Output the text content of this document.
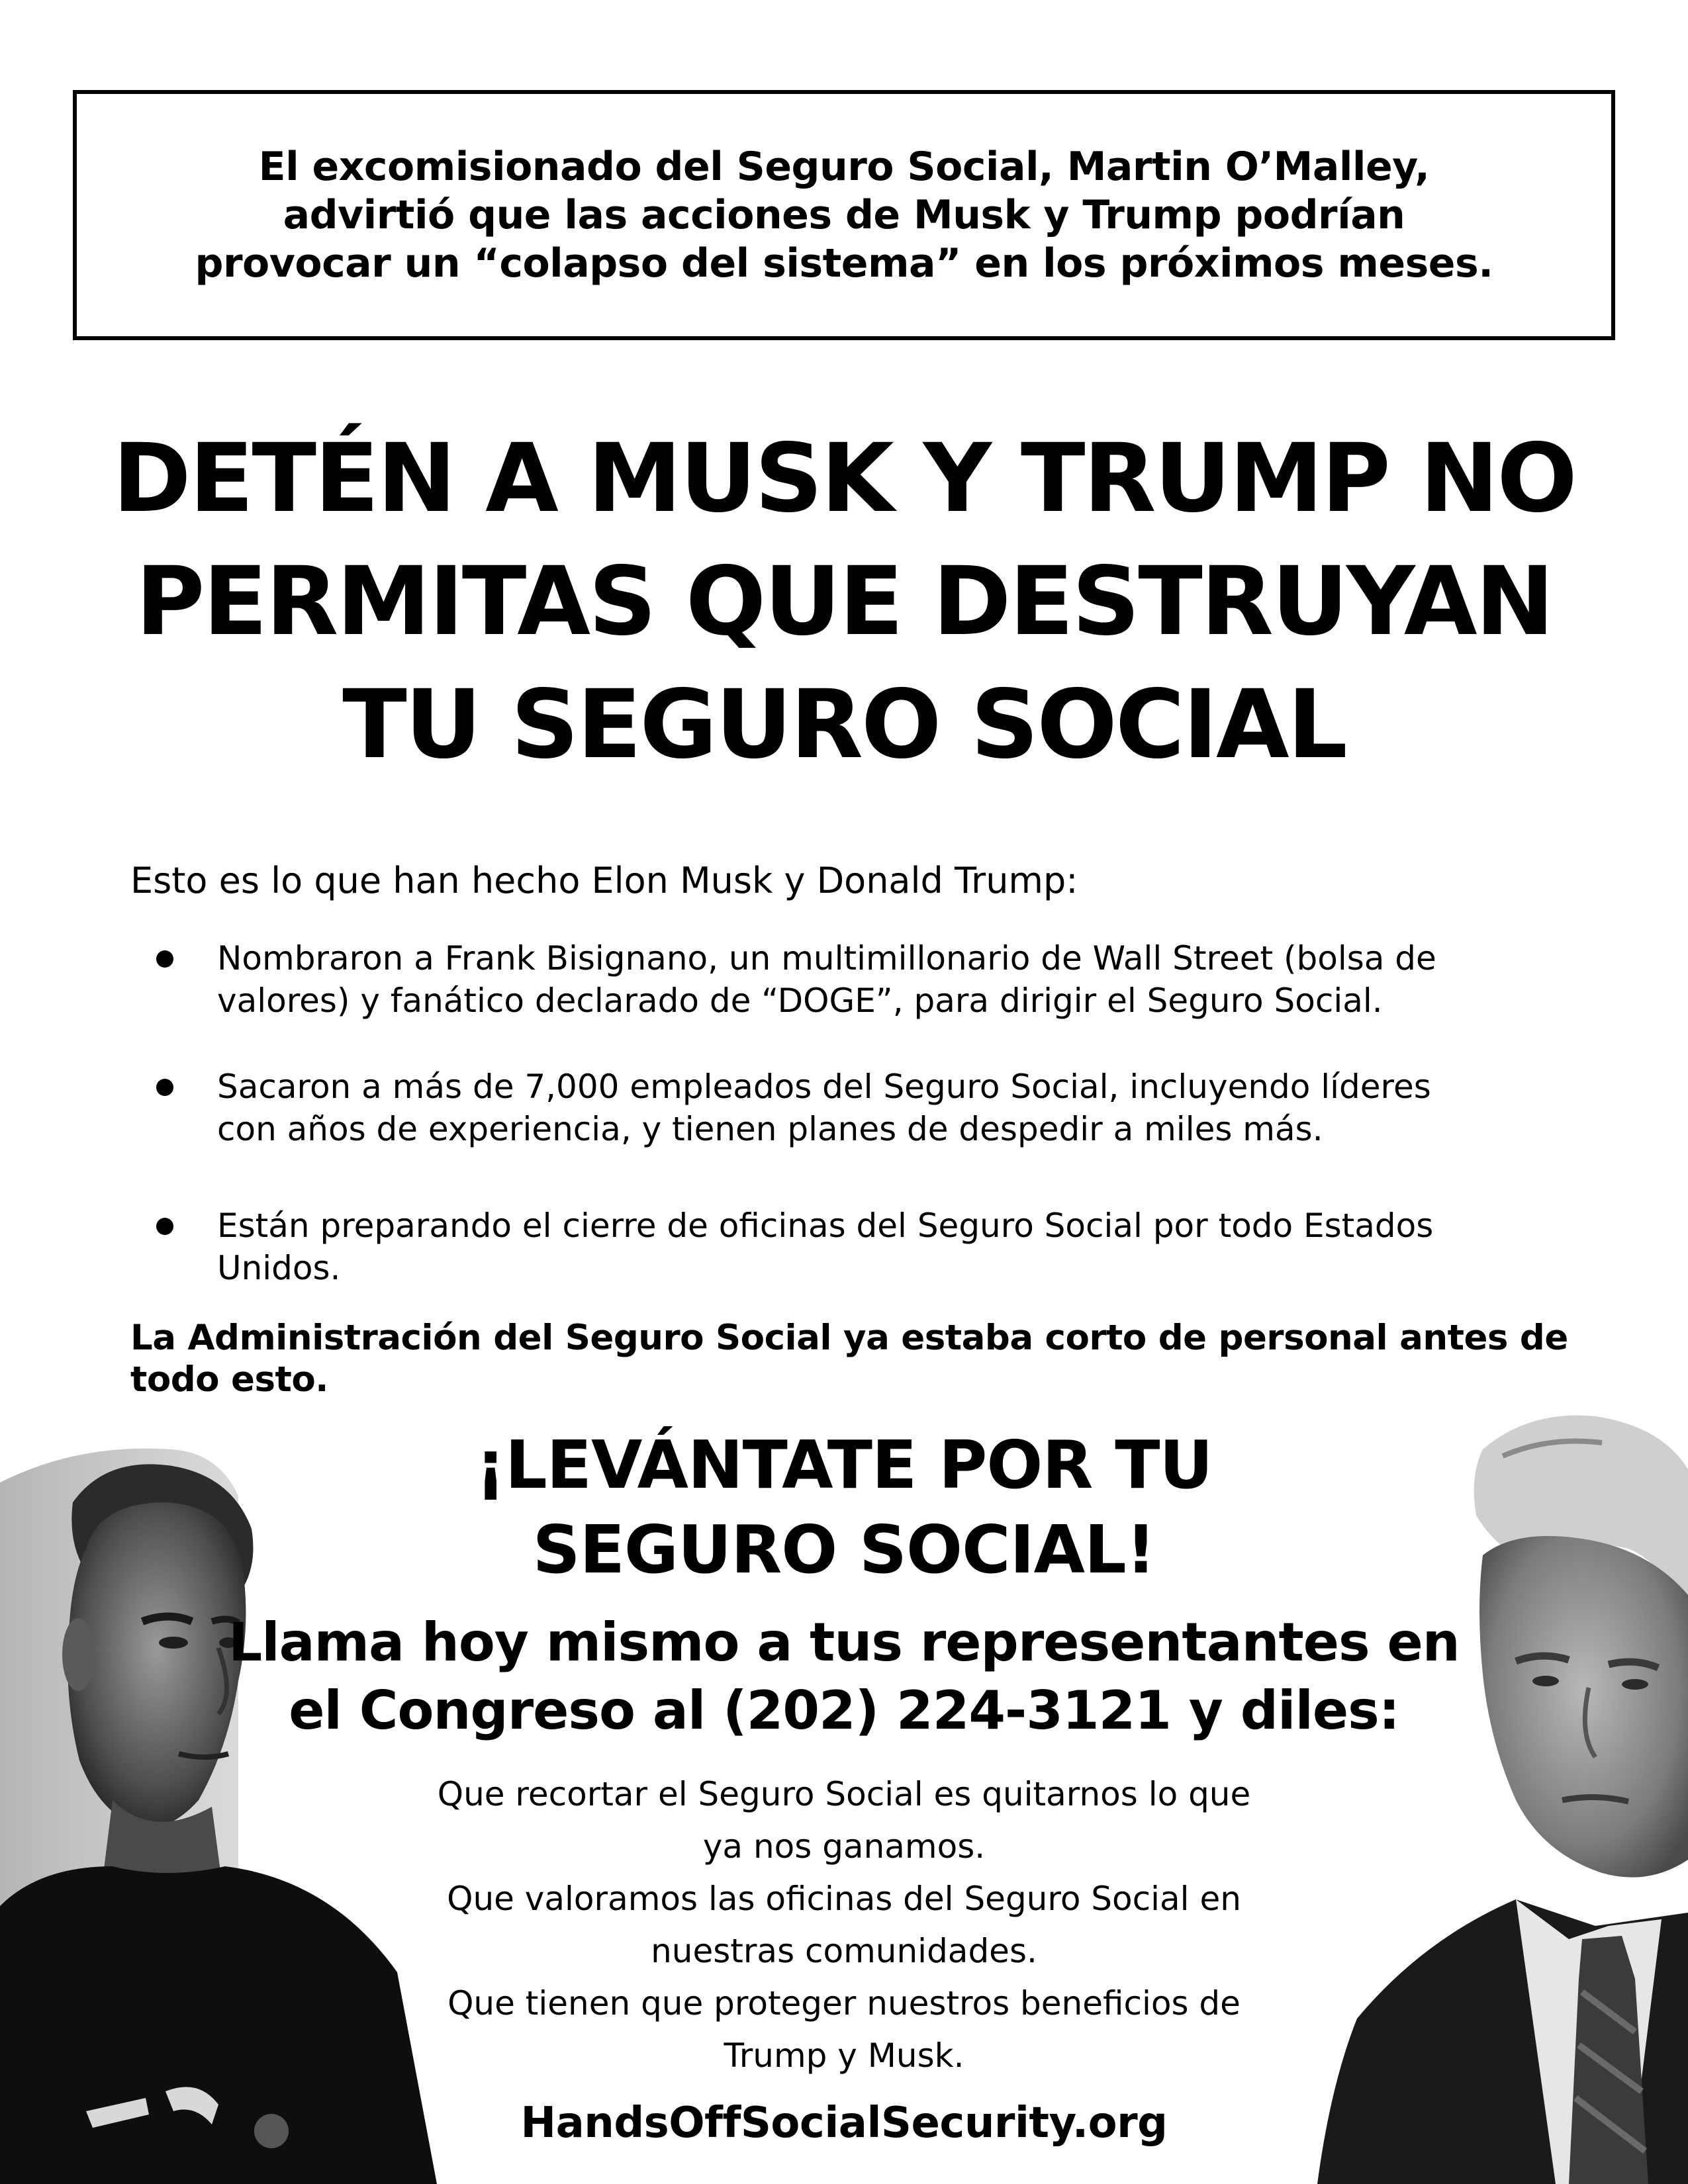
El excomisionado del Seguro Social, Martin O’Malley,
advirtió que las acciones de Musk y Trump podrían
provocar un “colapso del sistema” en los próximos meses.
DETÉN A MUSK Y TRUMP NO
PERMITAS QUE DESTRUYAN
TU SEGURO SOCIAL
Esto es lo que han hecho Elon Musk y Donald Trump:
Nombraron a Frank Bisignano, un multimillonario de Wall Street (bolsa de
valores) y fanático declarado de “DOGE”, para dirigir el Seguro Social.
Sacaron a más de 7,000 empleados del Seguro Social, incluyendo líderes
con años de experiencia, y tienen planes de despedir a miles más.
Están preparando el cierre de oficinas del Seguro Social por todo Estados
Unidos.
La Administración del Seguro Social ya estaba corto de personal antes de todo esto.
¡LEVÁNTATE POR TU
SEGURO SOCIAL!
Llama hoy mismo a tus representantes en
el Congreso al (202) 224-3121 y diles:
Que recortar el Seguro Social es quitarnos lo que
ya nos ganamos.
Que valoramos las oficinas del Seguro Social en
nuestras comunidades.
Que tienen que proteger nuestros beneficios de
Trump y Musk.
HandsOffSocialSecurity.org
